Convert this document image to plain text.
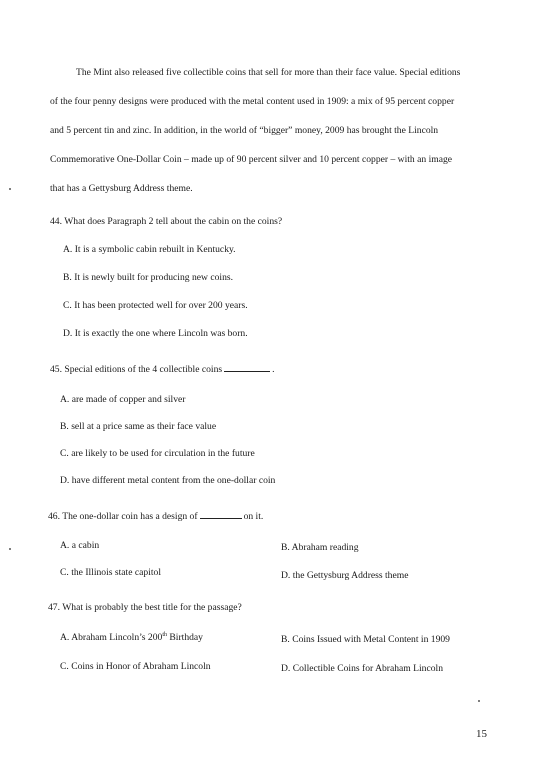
The Mint also released five collectible coins that sell for more than their face value. Special editions
of the four penny designs were produced with the metal content used in 1909: a mix of 95 percent copper
and 5 percent tin and zinc. In addition, in the world of “bigger” money, 2009 has brought the Lincoln
Commemorative One-Dollar Coin – made up of 90 percent silver and 10 percent copper – with an image
that has a Gettysburg Address theme.
44. What does Paragraph 2 tell about the cabin on the coins?
A. It is a symbolic cabin rebuilt in Kentucky.
B. It is newly built for producing new coins.
C. It has been protected well for over 200 years.
D. It is exactly the one where Lincoln was born.
45. Special editions of the 4 collectible coins	.
A. are made of copper and silver
B. sell at a price same as their face value
C. are likely to be used for circulation in the future
D. have different metal content from the one-dollar coin
46. The one-dollar coin has a design of	on it.
A. a cabin	B. Abraham reading
C. the Illinois state capitol	D. the Gettysburg Address theme
47. What is probably the best title for the passage?
A. Abraham Lincoln’s 200th Birthday	B. Coins Issued with Metal Content in 1909
C. Coins in Honor of Abraham Lincoln	D. Collectible Coins for Abraham Lincoln
15
